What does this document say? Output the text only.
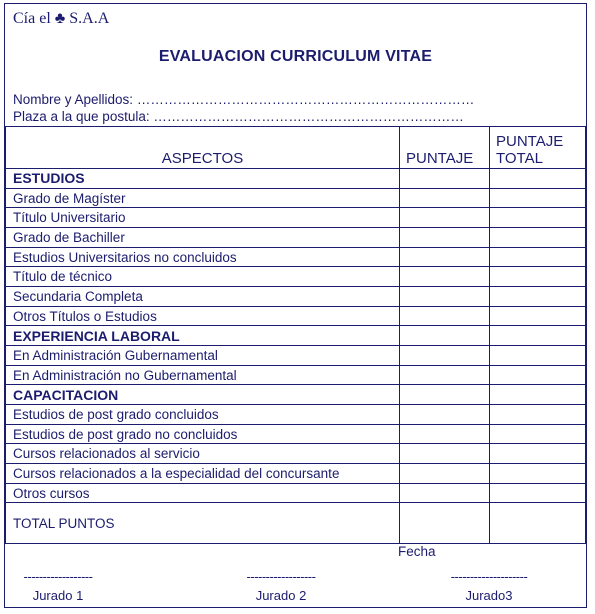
Cía el ♣ S.A.A
EVALUACION CURRICULUM VITAE
Nombre y Apellidos: …………………………………………………………………
Plaza a la que postula: ……………………………………………………………
ASPECTOS	PUNTAJE	PUNTAJE TOTAL
ESTUDIOS		
Grado de Magíster		
Título Universitario		
Grado de Bachiller		
Estudios Universitarios no concluidos		
Título de técnico		
Secundaria Completa		
Otros Títulos o Estudios		
EXPERIENCIA LABORAL		
En Administración Gubernamental		
En Administración no Gubernamental		
CAPACITACION		
Estudios de post grado concluidos		
Estudios de post grado no concluidos		
Cursos relacionados al servicio		
Cursos relacionados a la especialidad del concursante		
Otros cursos		
TOTAL PUNTOS		
Fecha
------------------
Jurado 1
------------------
Jurado 2
--------------------
Jurado3
